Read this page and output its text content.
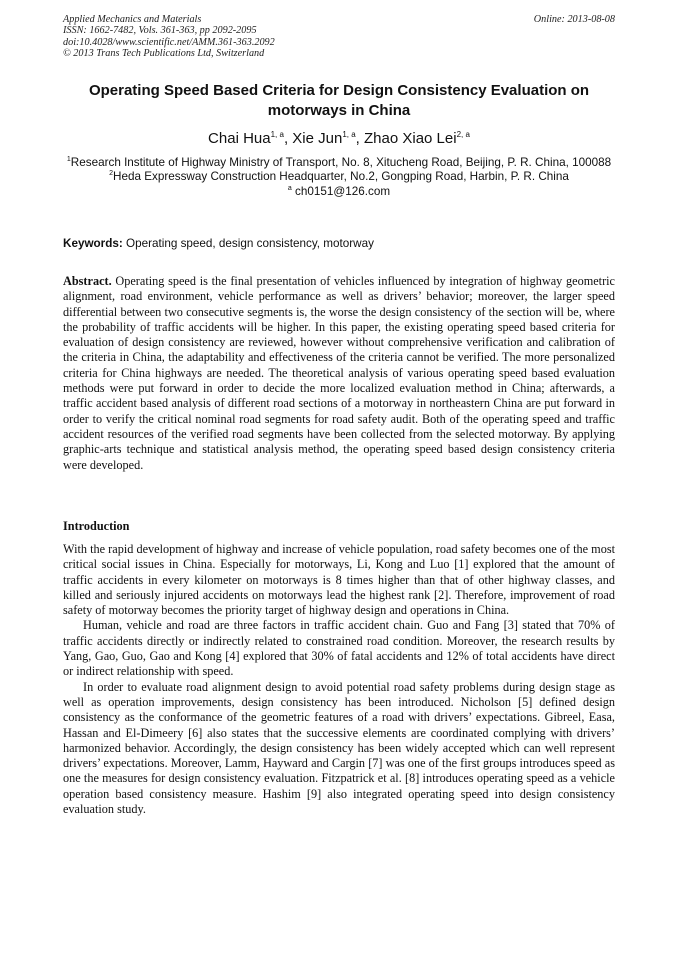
Applied Mechanics and Materials
ISSN: 1662-7482, Vols. 361-363, pp 2092-2095
doi:10.4028/www.scientific.net/AMM.361-363.2092
© 2013 Trans Tech Publications Ltd, Switzerland
Online: 2013-08-08
Operating Speed Based Criteria for Design Consistency Evaluation on motorways in China
Chai Hua$^{1, a}$, Xie Jun$^{1, a}$, Zhao Xiao Lei$^{2, a}$
$^1$Research Institute of Highway Ministry of Transport, No. 8, Xitucheng Road, Beijing, P. R. China, 100088
$^2$Heda Expressway Construction Headquarter, No.2, Gongping Road, Harbin, P. R. China
$^a$ ch0151@126.com
Keywords: Operating speed, design consistency, motorway
Abstract. Operating speed is the final presentation of vehicles influenced by integration of highway geometric alignment, road environment, vehicle performance as well as drivers’ behavior; moreover, the larger speed differential between two consecutive segments is, the worse the design consistency of the section will be, where the probability of traffic accidents will be higher. In this paper, the existing operating speed based criteria for evaluation of design consistency are reviewed, however without comprehensive verification and calibration of the criteria in China, the adaptability and effectiveness of the criteria cannot be verified. The more personalized criteria for China highways are needed. The theoretical analysis of various operating speed based evaluation methods were put forward in order to decide the more localized evaluation method in China; afterwards, a traffic accident based analysis of different road sections of a motorway in northeastern China are put forward in order to verify the critical nominal road segments for road safety audit. Both of the operating speed and traffic accident resources of the verified road segments have been collected from the selected motorway. By applying graphic-arts technique and statistical analysis method, the operating speed based design consistency criteria were developed.
Introduction

With the rapid development of highway and increase of vehicle population, road safety becomes one of the most critical social issues in China. Especially for motorways, Li, Kong and Luo [1] explored that the amount of traffic accidents in every kilometer on motorways is 8 times higher than that of other highway classes, and killed and seriously injured accidents on motorways lead the highest rank [2]. Therefore, improvement of road safety of motorway becomes the priority target of highway design and operations in China.

Human, vehicle and road are three factors in traffic accident chain. Guo and Fang [3] stated that 70% of traffic accidents directly or indirectly related to constrained road condition. Moreover, the research results by Yang, Gao, Guo, Gao and Kong [4] explored that 30% of fatal accidents and 12% of total accidents have direct or indirect relationship with speed.

In order to evaluate road alignment design to avoid potential road safety problems during design stage as well as operation improvements, design consistency has been introduced. Nicholson [5] defined design consistency as the conformance of the geometric features of a road with drivers’ expectations. Gibreel, Easa, Hassan and El-Dimeery [6] also states that the successive elements are coordinated complying with drivers’ harmonized behavior. Accordingly, the design consistency has been widely accepted which can well represent drivers’ expectations. Moreover, Lamm, Hayward and Cargin [7] was one of the first groups introduces speed as one the measures for design consistency evaluation. Fitzpatrick et al. [8] introduces operating speed as a vehicle operation based consistency measure. Hashim [9] also integrated operating speed into design consistency evaluation study.
